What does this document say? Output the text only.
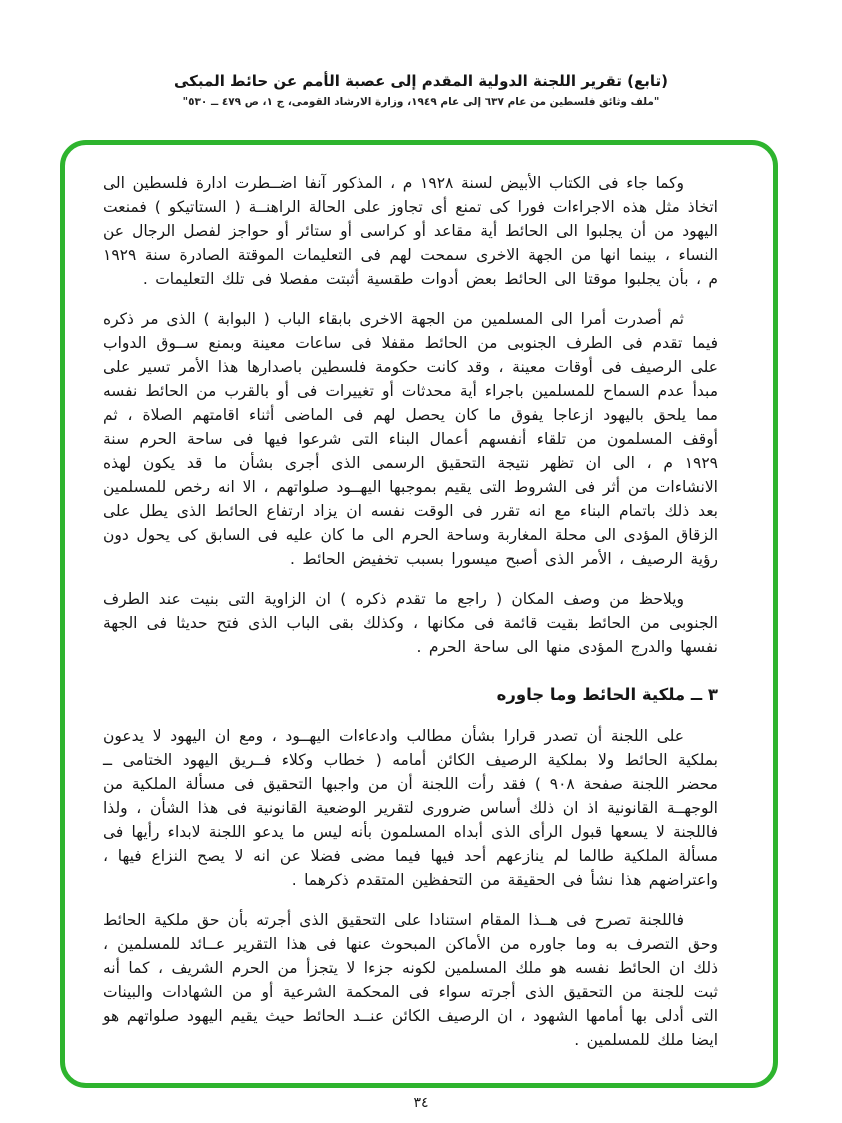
(تابع) تقرير اللجنة الدولية المقدم إلى عصبة الأمم عن حائط المبكى
"ملف وثائق فلسطين من عام ٦٣٧ إلى عام ١٩٤٩، وزارة الارشاد القومى، ج ١، ص ٤٧٩ ــ ٥٣٠"

وكما جاء فى الكتاب الأبيض لسنة ١٩٢٨ م ، المذكور آنفا اضــطرت ادارة فلسطين الى اتخاذ مثل هذه الاجراءات فورا كى تمنع أى تجاوز على الحالة الراهنــة ( الستاتيكو ) فمنعت اليهود من أن يجلبوا الى الحائط أية مقاعد أو كراسى أو ستائر أو حواجز لفصل الرجال عن النساء ، بينما انها من الجهة الاخرى سمحت لهم فى التعليمات الموقتة الصادرة سنة ١٩٢٩ م ، بأن يجلبوا موقتا الى الحائط بعض أدوات طقسية أثبتت مفصلا فى تلك التعليمات .

ثم أصدرت أمرا الى المسلمين من الجهة الاخرى بابقاء الباب ( البوابة ) الذى مر ذكره فيما تقدم فى الطرف الجنوبى من الحائط مقفلا فى ساعات معينة وبمنع ســوق الدواب على الرصيف فى أوقات معينة ، وقد كانت حكومة فلسطين باصدارها هذا الأمر تسير على مبدأ عدم السماح للمسلمين باجراء أية محدثات أو تغييرات فى أو بالقرب من الحائط نفسه مما يلحق باليهود ازعاجا يفوق ما كان يحصل لهم فى الماضى أثناء اقامتهم الصلاة ، ثم أوقف المسلمون من تلقاء أنفسهم أعمال البناء التى شرعوا فيها فى ساحة الحرم سنة ١٩٢٩ م ، الى ان تظهر نتيجة التحقيق الرسمى الذى أجرى بشأن ما قد يكون لهذه الانشاءات من أثر فى الشروط التى يقيم بموجبها اليهــود صلواتهم ، الا انه رخص للمسلمين بعد ذلك باتمام البناء مع انه تقرر فى الوقت نفسه ان يزاد ارتفاع الحائط الذى يطل على الزقاق المؤدى الى محلة المغاربة وساحة الحرم الى ما كان عليه فى السابق كى يحول دون رؤية الرصيف ، الأمر الذى أصبح ميسورا بسبب تخفيض الحائط .

ويلاحظ من وصف المكان ( راجع ما تقدم ذكره ) ان الزاوية التى بنيت عند الطرف الجنوبى من الحائط بقيت قائمة فى مكانها ، وكذلك بقى الباب الذى فتح حديثا فى الجهة نفسها والدرج المؤدى منها الى ساحة الحرم .

٣ ــ ملكية الحائط وما جاوره

على اللجنة أن تصدر قرارا بشأن مطالب وادعاءات اليهــود ، ومع ان اليهود لا يدعون بملكية الحائط ولا بملكية الرصيف الكائن أمامه ( خطاب وكلاء فــريق اليهود الختامى ــ محضر اللجنة صفحة ٩٠٨ ) فقد رأت اللجنة أن من واجبها التحقيق فى مسألة الملكية من الوجهــة القانونية اذ ان ذلك أساس ضرورى لتقرير الوضعية القانونية فى هذا الشأن ، ولذا فاللجنة لا يسعها قبول الرأى الذى أبداه المسلمون بأنه ليس ما يدعو اللجنة لابداء رأيها فى مسألة الملكية طالما لم ينازعهم أحد فيها فيما مضى فضلا عن انه لا يصح النزاع فيها ، واعتراضهم هذا نشأ فى الحقيقة من التحفظين المتقدم ذكرهما .

فاللجنة تصرح فى هــذا المقام استنادا على التحقيق الذى أجرته بأن حق ملكية الحائط وحق التصرف به وما جاوره من الأماكن المبحوث عنها فى هذا التقرير عــائد للمسلمين ، ذلك ان الحائط نفسه هو ملك المسلمين لكونه جزءا لا يتجزأ من الحرم الشريف ، كما أنه ثبت للجنة من التحقيق الذى أجرته سواء فى المحكمة الشرعية أو من الشهادات والبينات التى أدلى بها أمامها الشهود ، ان الرصيف الكائن عنــد الحائط حيث يقيم اليهود صلواتهم هو ايضا ملك للمسلمين .

٣٤
